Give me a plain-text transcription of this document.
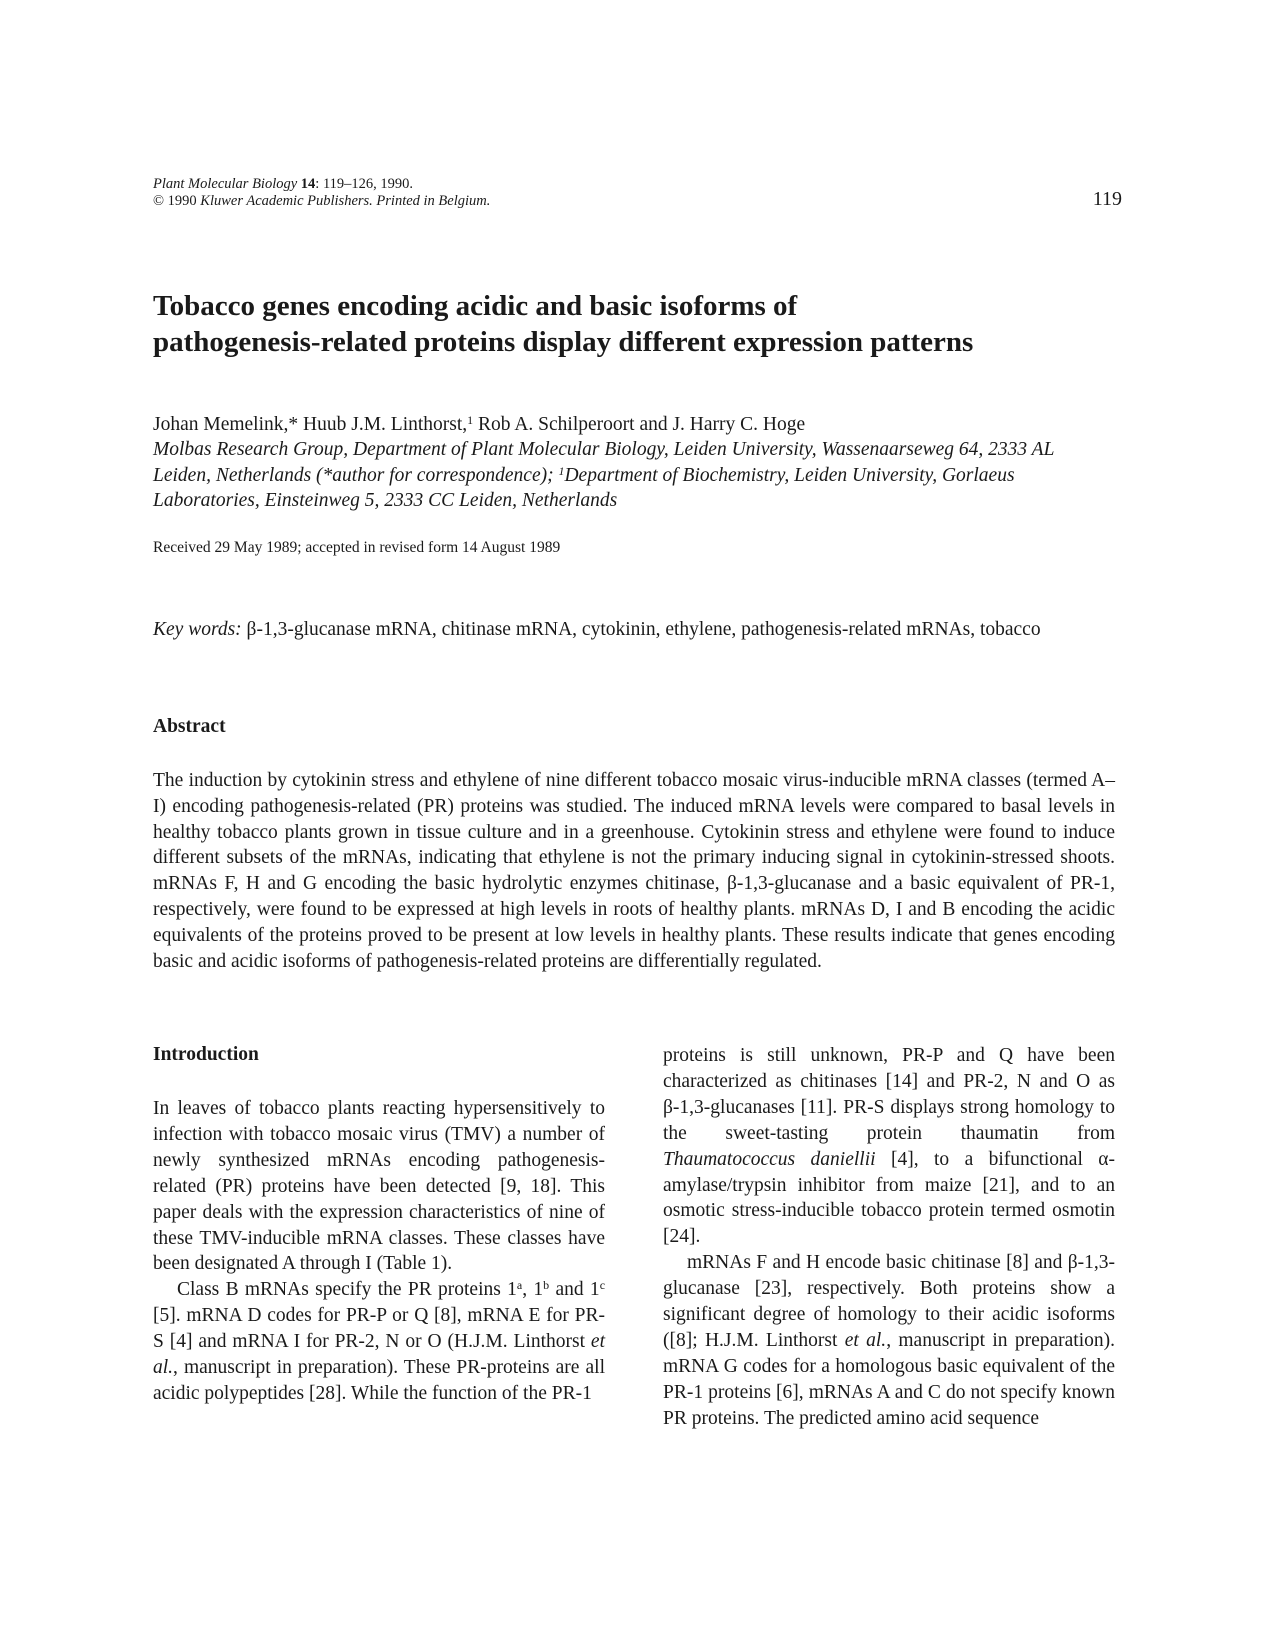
Plant Molecular Biology 14: 119–126, 1990.
© 1990 Kluwer Academic Publishers. Printed in Belgium.	119
Tobacco genes encoding acidic and basic isoforms of
pathogenesis-related proteins display different expression patterns
Johan Memelink,* Huub J.M. Linthorst,$^1$ Rob A. Schilperoort and J. Harry C. Hoge
Molbas Research Group, Department of Plant Molecular Biology, Leiden University, Wassenaarseweg 64, 2333 AL Leiden, Netherlands (*author for correspondence); $^1$Department of Biochemistry, Leiden University, Gorlaeus Laboratories, Einsteinweg 5, 2333 CC Leiden, Netherlands
Received 29 May 1989; accepted in revised form 14 August 1989
Key words: β-1,3-glucanase mRNA, chitinase mRNA, cytokinin, ethylene, pathogenesis-related mRNAs, tobacco
Abstract
The induction by cytokinin stress and ethylene of nine different tobacco mosaic virus-inducible mRNA classes (termed A–I) encoding pathogenesis-related (PR) proteins was studied. The induced mRNA levels were compared to basal levels in healthy tobacco plants grown in tissue culture and in a greenhouse. Cytokinin stress and ethylene were found to induce different subsets of the mRNAs, indicating that ethylene is not the primary inducing signal in cytokinin-stressed shoots. mRNAs F, H and G encoding the basic hydrolytic enzymes chitinase, β-1,3-glucanase and a basic equivalent of PR-1, respectively, were found to be expressed at high levels in roots of healthy plants. mRNAs D, I and B encoding the acidic equivalents of the proteins proved to be present at low levels in healthy plants. These results indicate that genes encoding basic and acidic isoforms of pathogenesis-related proteins are differentially regulated.
Introduction

In leaves of tobacco plants reacting hypersensitively to infection with tobacco mosaic virus (TMV) a number of newly synthesized mRNAs encoding pathogenesis-related (PR) proteins have been detected [9, 18]. This paper deals with the expression characteristics of nine of these TMV-inducible mRNA classes. These classes have been designated A through I (Table 1).

Class B mRNAs specify the PR proteins 1$^a$, 1$^b$ and 1$^c$ [5]. mRNA D codes for PR-P or Q [8], mRNA E for PR-S [4] and mRNA I for PR-2, N or O (H.J.M. Linthorst et al., manuscript in preparation). These PR-proteins are all acidic polypeptides [28]. While the function of the PR-1

proteins is still unknown, PR-P and Q have been characterized as chitinases [14] and PR-2, N and O as β-1,3-glucanases [11]. PR-S displays strong homology to the sweet-tasting protein thaumatin from Thaumatococcus daniellii [4], to a bifunctional α-amylase/trypsin inhibitor from maize [21], and to an osmotic stress-inducible tobacco protein termed osmotin [24].

mRNAs F and H encode basic chitinase [8] and β-1,3-glucanase [23], respectively. Both proteins show a significant degree of homology to their acidic isoforms ([8]; H.J.M. Linthorst et al., manuscript in preparation). mRNA G codes for a homologous basic equivalent of the PR-1 proteins [6], mRNAs A and C do not specify known PR proteins. The predicted amino acid sequence
